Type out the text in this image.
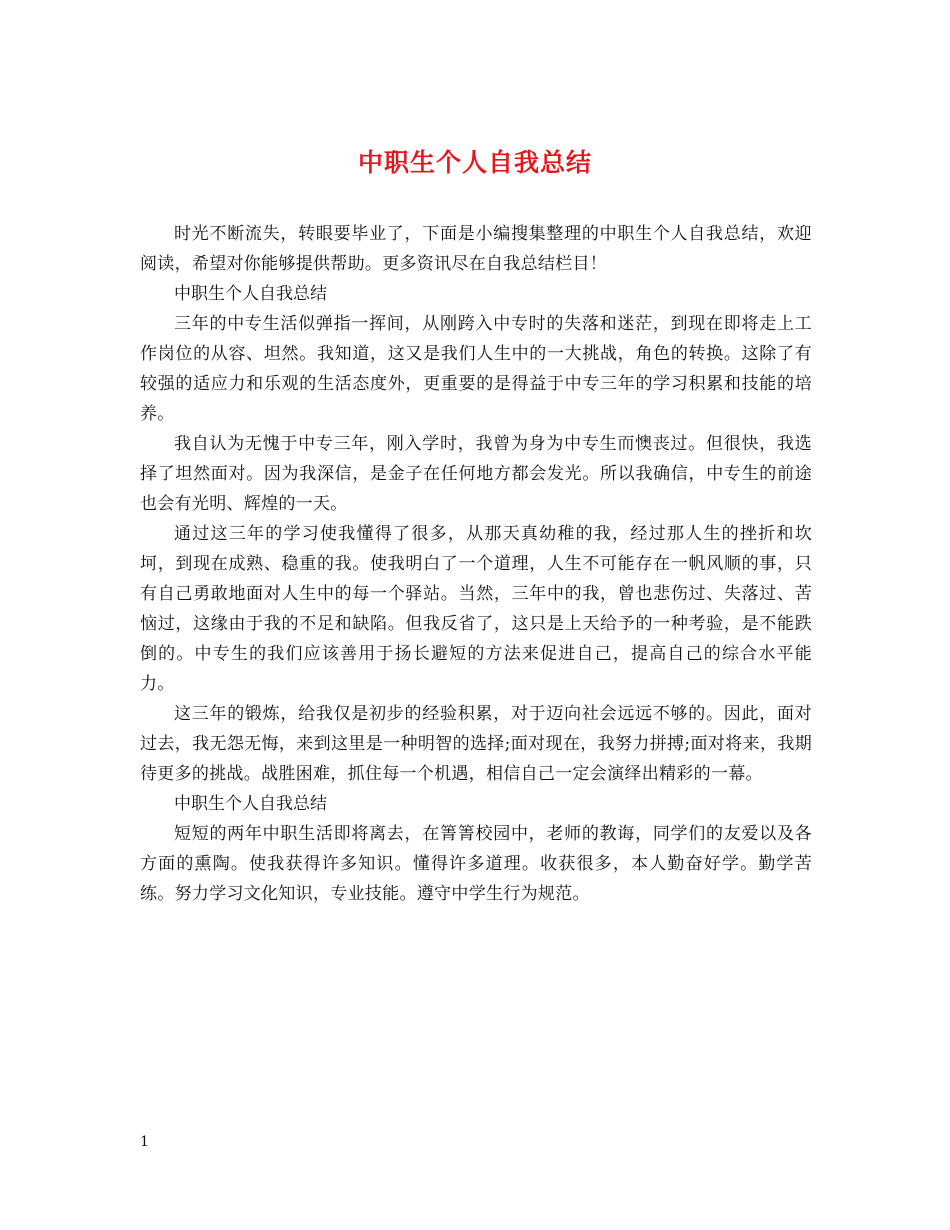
中职生个人自我总结

时光不断流失，转眼要毕业了，下面是小编搜集整理的中职生个人自我总结，欢迎阅读，希望对你能够提供帮助。更多资讯尽在自我总结栏目！

中职生个人自我总结

三年的中专生活似弹指一挥间，从刚跨入中专时的失落和迷茫，到现在即将走上工作岗位的从容、坦然。我知道，这又是我们人生中的一大挑战，角色的转换。这除了有较强的适应力和乐观的生活态度外，更重要的是得益于中专三年的学习积累和技能的培养。

我自认为无愧于中专三年，刚入学时，我曾为身为中专生而懊丧过。但很快，我选择了坦然面对。因为我深信，是金子在任何地方都会发光。所以我确信，中专生的前途也会有光明、辉煌的一天。

通过这三年的学习使我懂得了很多，从那天真幼稚的我，经过那人生的挫折和坎坷，到现在成熟、稳重的我。使我明白了一个道理，人生不可能存在一帆风顺的事，只有自己勇敢地面对人生中的每一个驿站。当然，三年中的我，曾也悲伤过、失落过、苦恼过，这缘由于我的不足和缺陷。但我反省了，这只是上天给予的一种考验，是不能跌倒的。中专生的我们应该善用于扬长避短的方法来促进自己，提高自己的综合水平能力。

这三年的锻炼，给我仅是初步的经验积累，对于迈向社会远远不够的。因此，面对过去，我无怨无悔，来到这里是一种明智的选择;面对现在，我努力拼搏;面对将来，我期待更多的挑战。战胜困难，抓住每一个机遇，相信自己一定会演绎出精彩的一幕。

中职生个人自我总结

短短的两年中职生活即将离去，在箐箐校园中，老师的教诲，同学们的友爱以及各方面的熏陶。使我获得许多知识。懂得许多道理。收获很多，本人勤奋好学。勤学苦练。努力学习文化知识，专业技能。遵守中学生行为规范。

1
